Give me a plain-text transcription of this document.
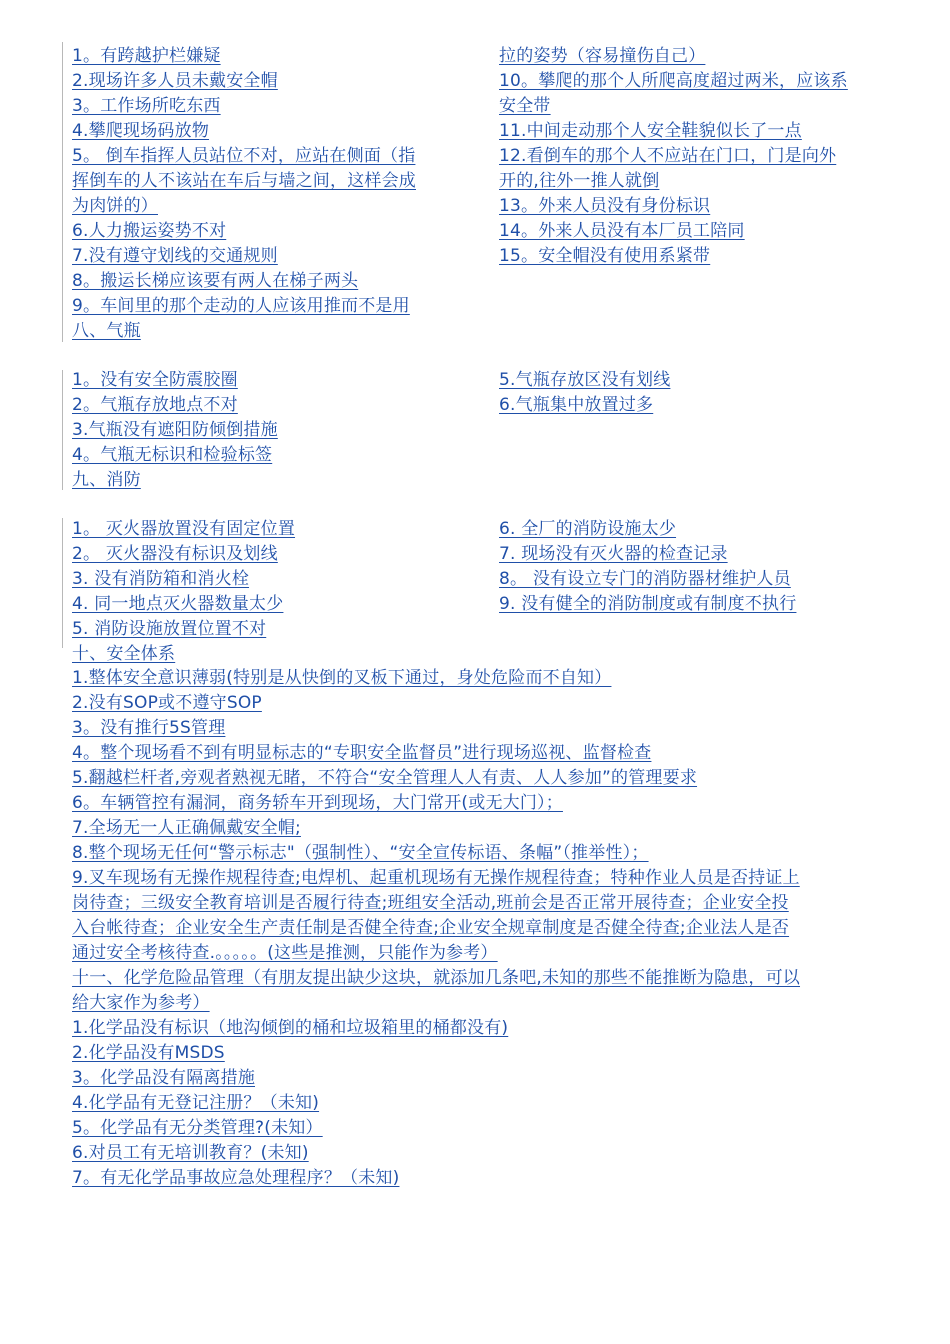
1。有跨越护栏嫌疑
2.现场许多人员未戴安全帽
3。工作场所吃东西
4.攀爬现场码放物
5。 倒车指挥人员站位不对，应站在侧面（指
挥倒车的人不该站在车后与墙之间，这样会成
为肉饼的）
6.人力搬运姿势不对
7.没有遵守划线的交通规则
8。搬运长梯应该要有两人在梯子两头
9。车间里的那个走动的人应该用推而不是用
八、气瓶
拉的姿势（容易撞伤自己）
10。攀爬的那个人所爬高度超过两米，应该系
安全带
11.中间走动那个人安全鞋貌似长了一点
12.看倒车的那个人不应站在门口，门是向外
开的,往外一推人就倒
13。外来人员没有身份标识
14。外来人员没有本厂员工陪同
15。安全帽没有使用系紧带
1。没有安全防震胶圈
2。气瓶存放地点不对
3.气瓶没有遮阳防倾倒措施
4。气瓶无标识和检验标签
九、消防
5.气瓶存放区没有划线
6.气瓶集中放置过多
1。 灭火器放置没有固定位置
2。 灭火器没有标识及划线
3. 没有消防箱和消火栓
4. 同一地点灭火器数量太少
5. 消防设施放置位置不对
十、安全体系
6. 全厂的消防设施太少
7. 现场没有灭火器的检查记录
8。 没有设立专门的消防器材维护人员
9. 没有健全的消防制度或有制度不执行
1.整体安全意识薄弱(特别是从快倒的叉板下通过，身处危险而不自知）
2.没有SOP或不遵守SOP
3。没有推行5S管理
4。整个现场看不到有明显标志的“专职安全监督员”进行现场巡视、监督检查
5.翻越栏杆者,旁观者熟视无睹，不符合“安全管理人人有责、人人参加”的管理要求
6。车辆管控有漏洞，商务轿车开到现场，大门常开(或无大门）；
7.全场无一人正确佩戴安全帽;
8.整个现场无任何“警示标志"（强制性）、“安全宣传标语、条幅”（推举性）；
9.叉车现场有无操作规程待查;电焊机、起重机现场有无操作规程待查；特种作业人员是否持证上
岗待查；三级安全教育培训是否履行待查;班组安全活动,班前会是否正常开展待查；企业安全投
入台帐待查；企业安全生产责任制是否健全待查;企业安全规章制度是否健全待查;企业法人是否
通过安全考核待查.。。。。。(这些是推测，只能作为参考）
十一、化学危险品管理（有朋友提出缺少这块，就添加几条吧,未知的那些不能推断为隐患，可以
给大家作为参考）
1.化学品没有标识（地沟倾倒的桶和垃圾箱里的桶都没有)
2.化学品没有MSDS
3。化学品没有隔离措施
4.化学品有无登记注册？（未知)
5。化学品有无分类管理?(未知）
6.对员工有无培训教育？(未知)
7。有无化学品事故应急处理程序？（未知)
